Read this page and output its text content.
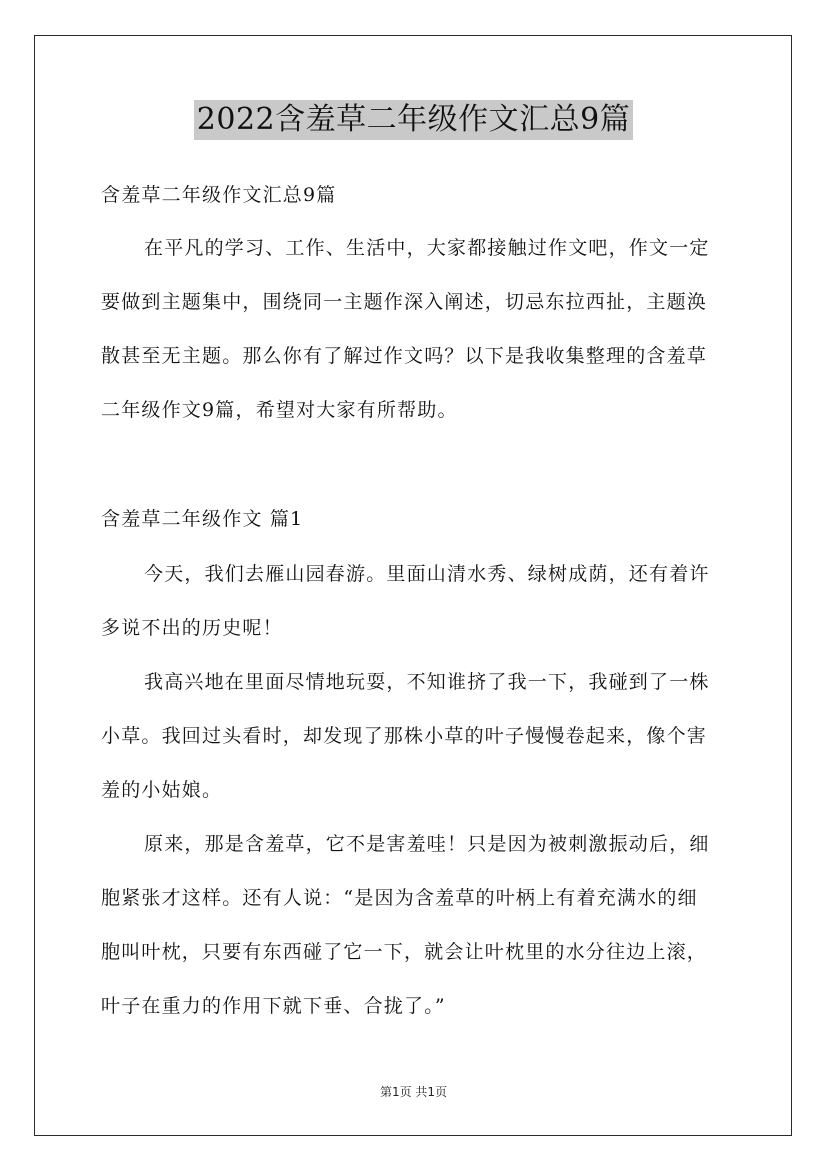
2022含羞草二年级作文汇总9篇
含羞草二年级作文汇总9篇
在平凡的学习、工作、生活中，大家都接触过作文吧，作文一定
要做到主题集中，围绕同一主题作深入阐述，切忌东拉西扯，主题涣
散甚至无主题。那么你有了解过作文吗？以下是我收集整理的含羞草
二年级作文9篇，希望对大家有所帮助。
含羞草二年级作文 篇1
今天，我们去雁山园春游。里面山清水秀、绿树成荫，还有着许
多说不出的历史呢！
我高兴地在里面尽情地玩耍，不知谁挤了我一下，我碰到了一株
小草。我回过头看时，却发现了那株小草的叶子慢慢卷起来，像个害
羞的小姑娘。
原来，那是含羞草，它不是害羞哇！只是因为被刺激振动后，细
胞紧张才这样。还有人说：“是因为含羞草的叶柄上有着充满水的细
胞叫叶枕，只要有东西碰了它一下，就会让叶枕里的水分往边上滚，
叶子在重力的作用下就下垂、合拢了。”
第1页 共1页
